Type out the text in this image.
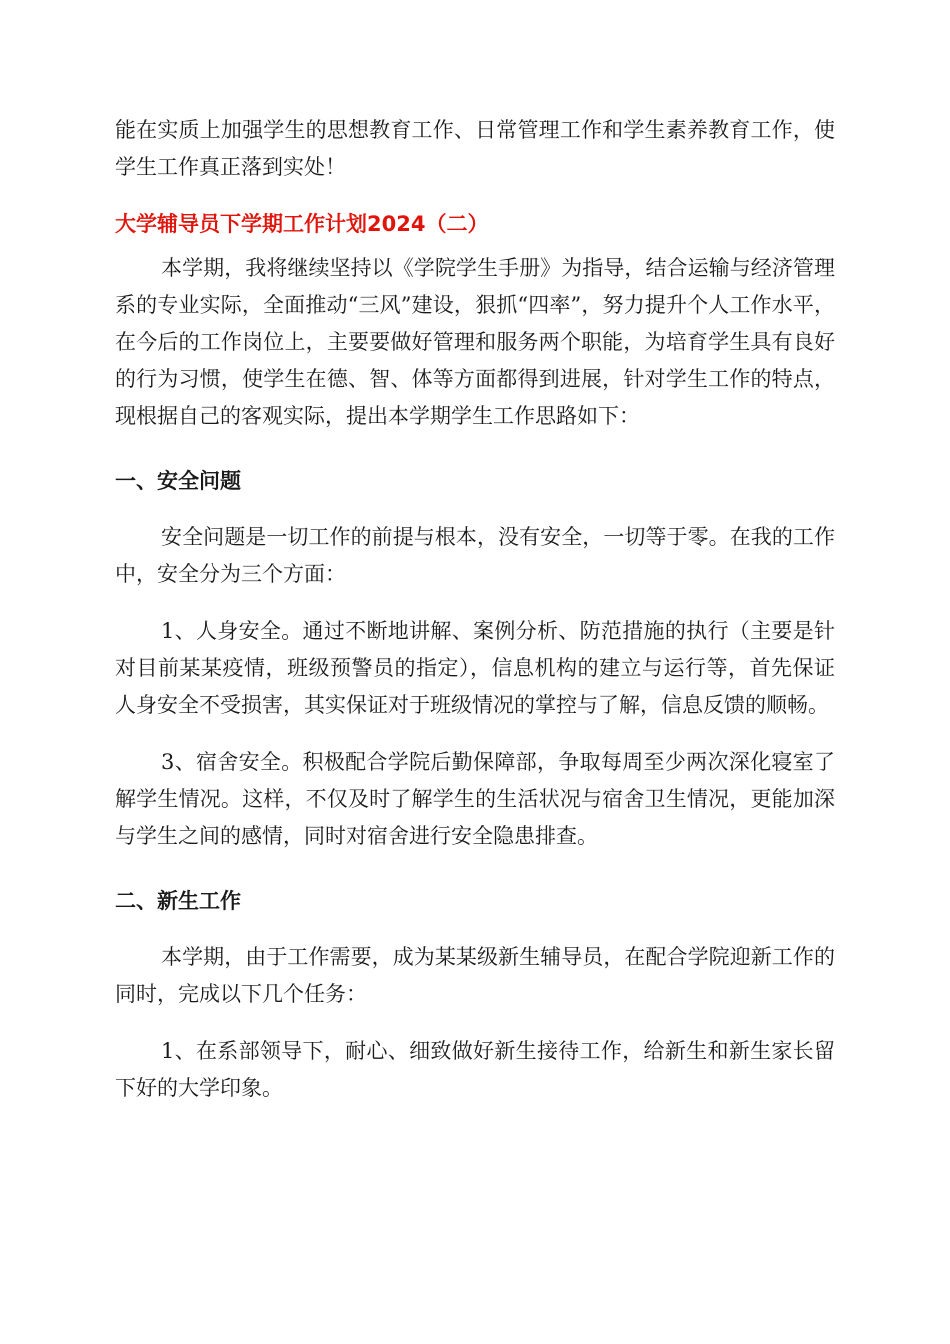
能在实质上加强学生的思想教育工作、日常管理工作和学生素养教育工作，使学生工作真正落到实处！

大学辅导员下学期工作计划2024（二）

本学期，我将继续坚持以《学院学生手册》为指导，结合运输与经济管理系的专业实际，全面推动“三风”建设，狠抓“四率”，努力提升个人工作水平，在今后的工作岗位上，主要要做好管理和服务两个职能，为培育学生具有良好的行为习惯，使学生在德、智、体等方面都得到进展，针对学生工作的特点，现根据自己的客观实际，提出本学期学生工作思路如下：

一、安全问题

安全问题是一切工作的前提与根本，没有安全，一切等于零。在我的工作中，安全分为三个方面：

1、人身安全。通过不断地讲解、案例分析、防范措施的执行（主要是针对目前某某疫情，班级预警员的指定），信息机构的建立与运行等，首先保证人身安全不受损害，其实保证对于班级情况的掌控与了解，信息反馈的顺畅。

3、宿舍安全。积极配合学院后勤保障部，争取每周至少两次深化寝室了解学生情况。这样，不仅及时了解学生的生活状况与宿舍卫生情况，更能加深与学生之间的感情，同时对宿舍进行安全隐患排查。

二、新生工作

本学期，由于工作需要，成为某某级新生辅导员，在配合学院迎新工作的同时，完成以下几个任务：

1、在系部领导下，耐心、细致做好新生接待工作，给新生和新生家长留下好的大学印象。
